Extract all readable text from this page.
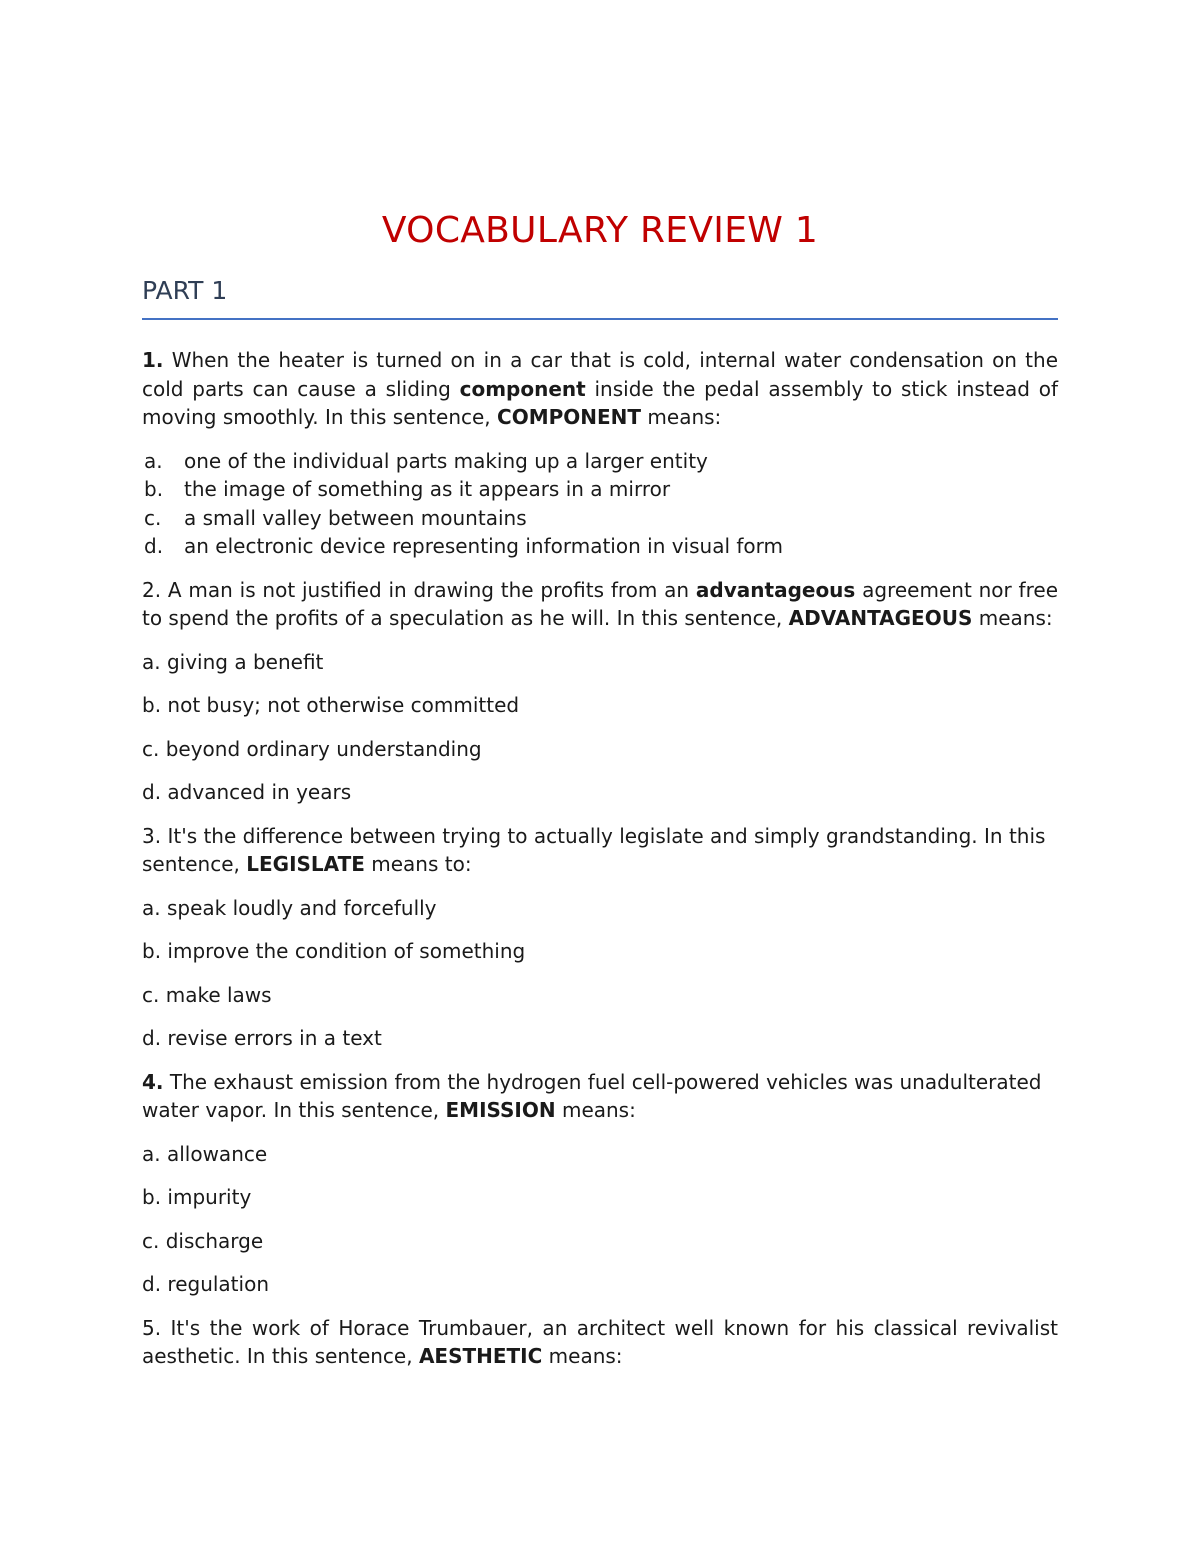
VOCABULARY REVIEW 1
PART 1

1. When the heater is turned on in a car that is cold, internal water condensation on the cold parts can cause a sliding component inside the pedal assembly to stick instead of moving smoothly. In this sentence, COMPONENT means:

a.	one of the individual parts making up a larger entity
b.	the image of something as it appears in a mirror
c.	a small valley between mountains
d.	an electronic device representing information in visual form

2. A man is not justified in drawing the profits from an advantageous agreement nor free to spend the profits of a speculation as he will. In this sentence, ADVANTAGEOUS means:

a. giving a benefit

b. not busy; not otherwise committed

c. beyond ordinary understanding

d. advanced in years

3. It's the difference between trying to actually legislate and simply grandstanding. In this sentence, LEGISLATE means to:

a. speak loudly and forcefully

b. improve the condition of something

c. make laws

d. revise errors in a text

4. The exhaust emission from the hydrogen fuel cell-powered vehicles was unadulterated water vapor. In this sentence, EMISSION means:

a. allowance

b. impurity

c. discharge

d. regulation

5. It's the work of Horace Trumbauer, an architect well known for his classical revivalist aesthetic. In this sentence, AESTHETIC means:
